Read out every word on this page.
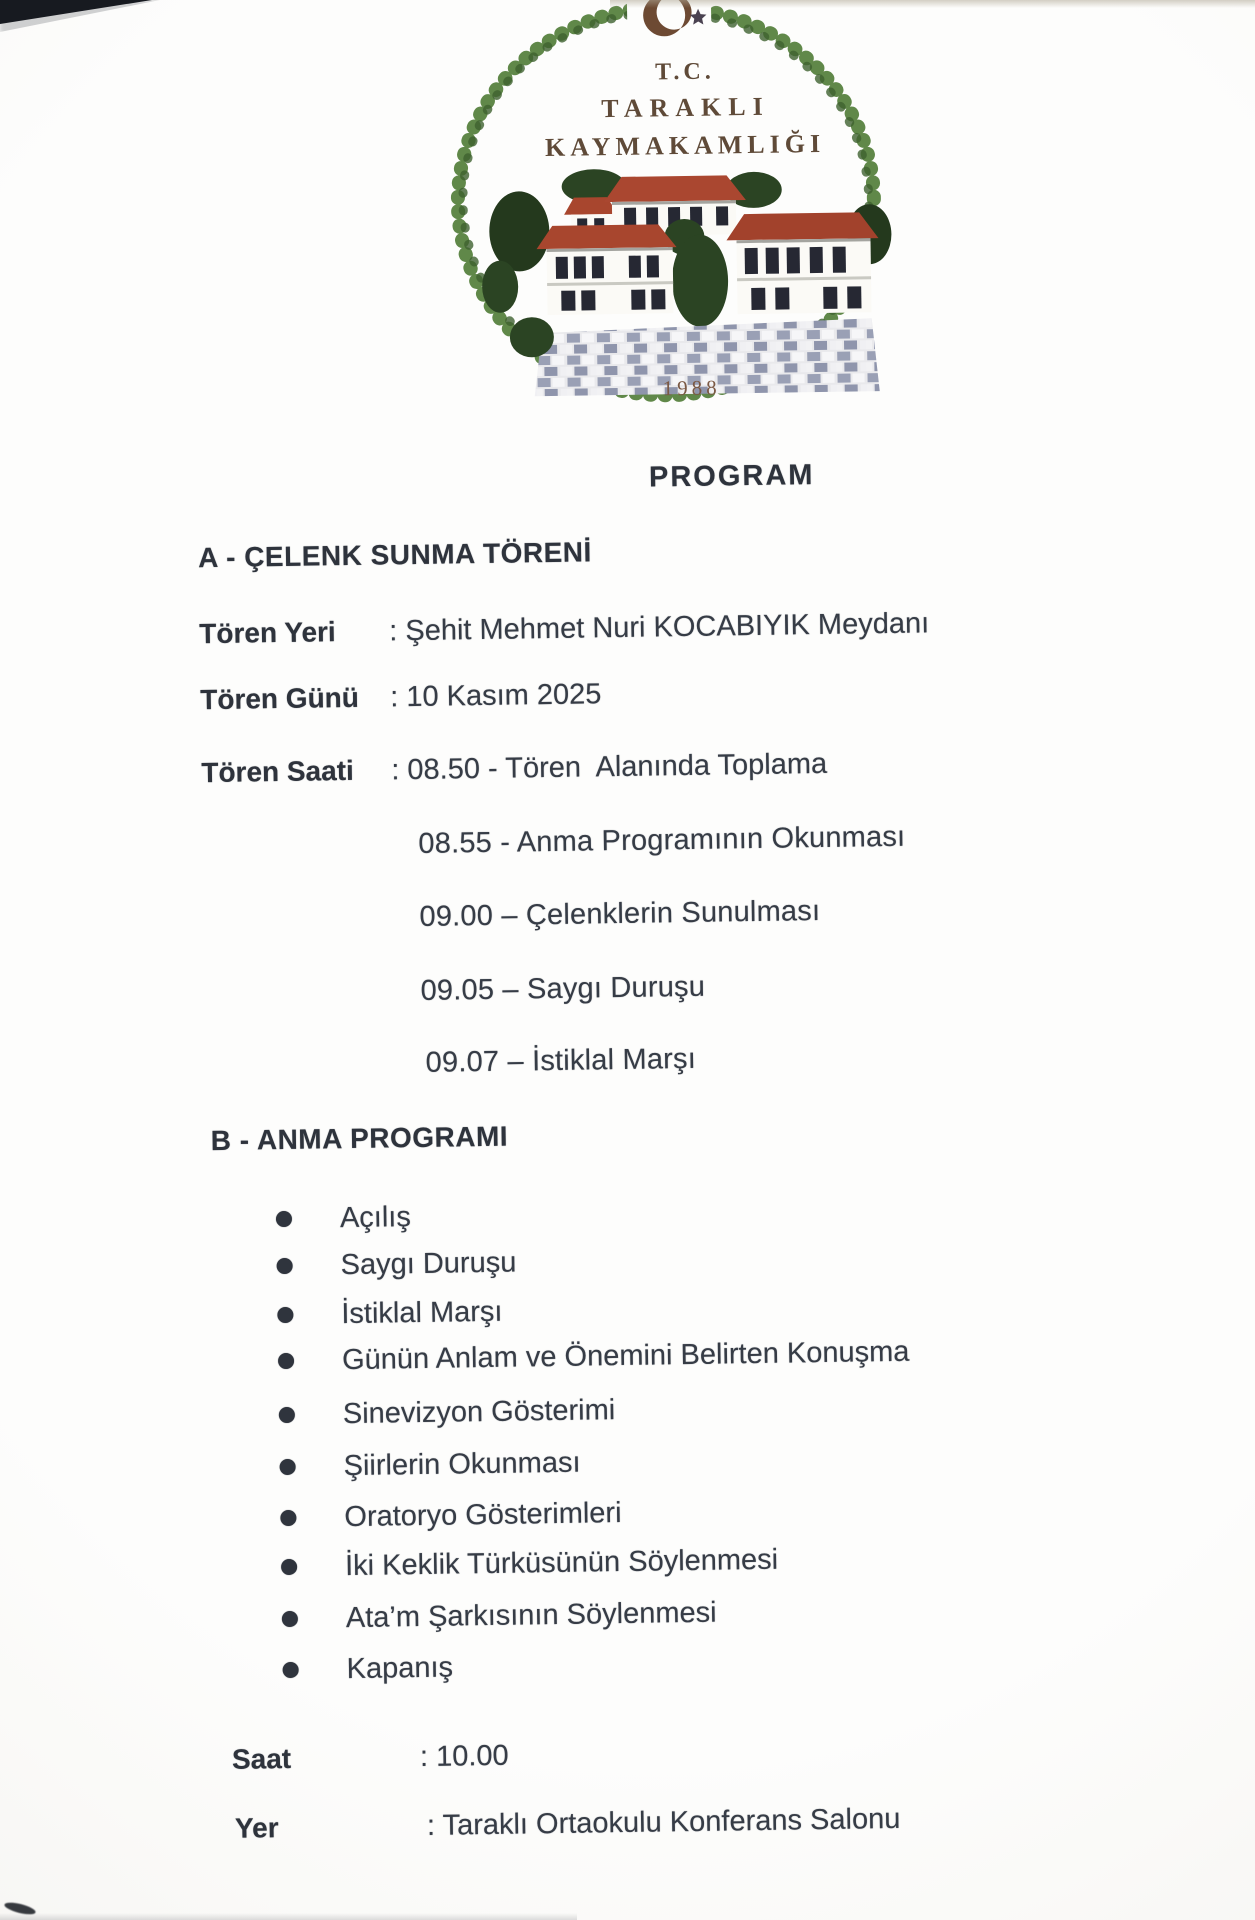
T.C.
TARAKLI
KAYMAKAMLIĞI
1988
PROGRAM
A - ÇELENK SUNMA TÖRENİ
Tören Yeri : Şehit Mehmet Nuri KOCABIYIK Meydanı
Tören Günü : 10 Kasım 2025
Tören Saati : 08.50 - Tören  Alanında Toplama
08.55 - Anma Programının Okunması
09.00 – Çelenklerin Sunulması
09.05 – Saygı Duruşu
09.07 – İstiklal Marşı
B - ANMA PROGRAMI
Açılış
Saygı Duruşu
İstiklal Marşı
Günün Anlam ve Önemini Belirten Konuşma
Sinevizyon Gösterimi
Şiirlerin Okunması
Oratoryo Gösterimleri
İki Keklik Türküsünün Söylenmesi
Ata’m Şarkısının Söylenmesi
Kapanış
Saat	: 10.00
Yer	: Taraklı Ortaokulu Konferans Salonu
